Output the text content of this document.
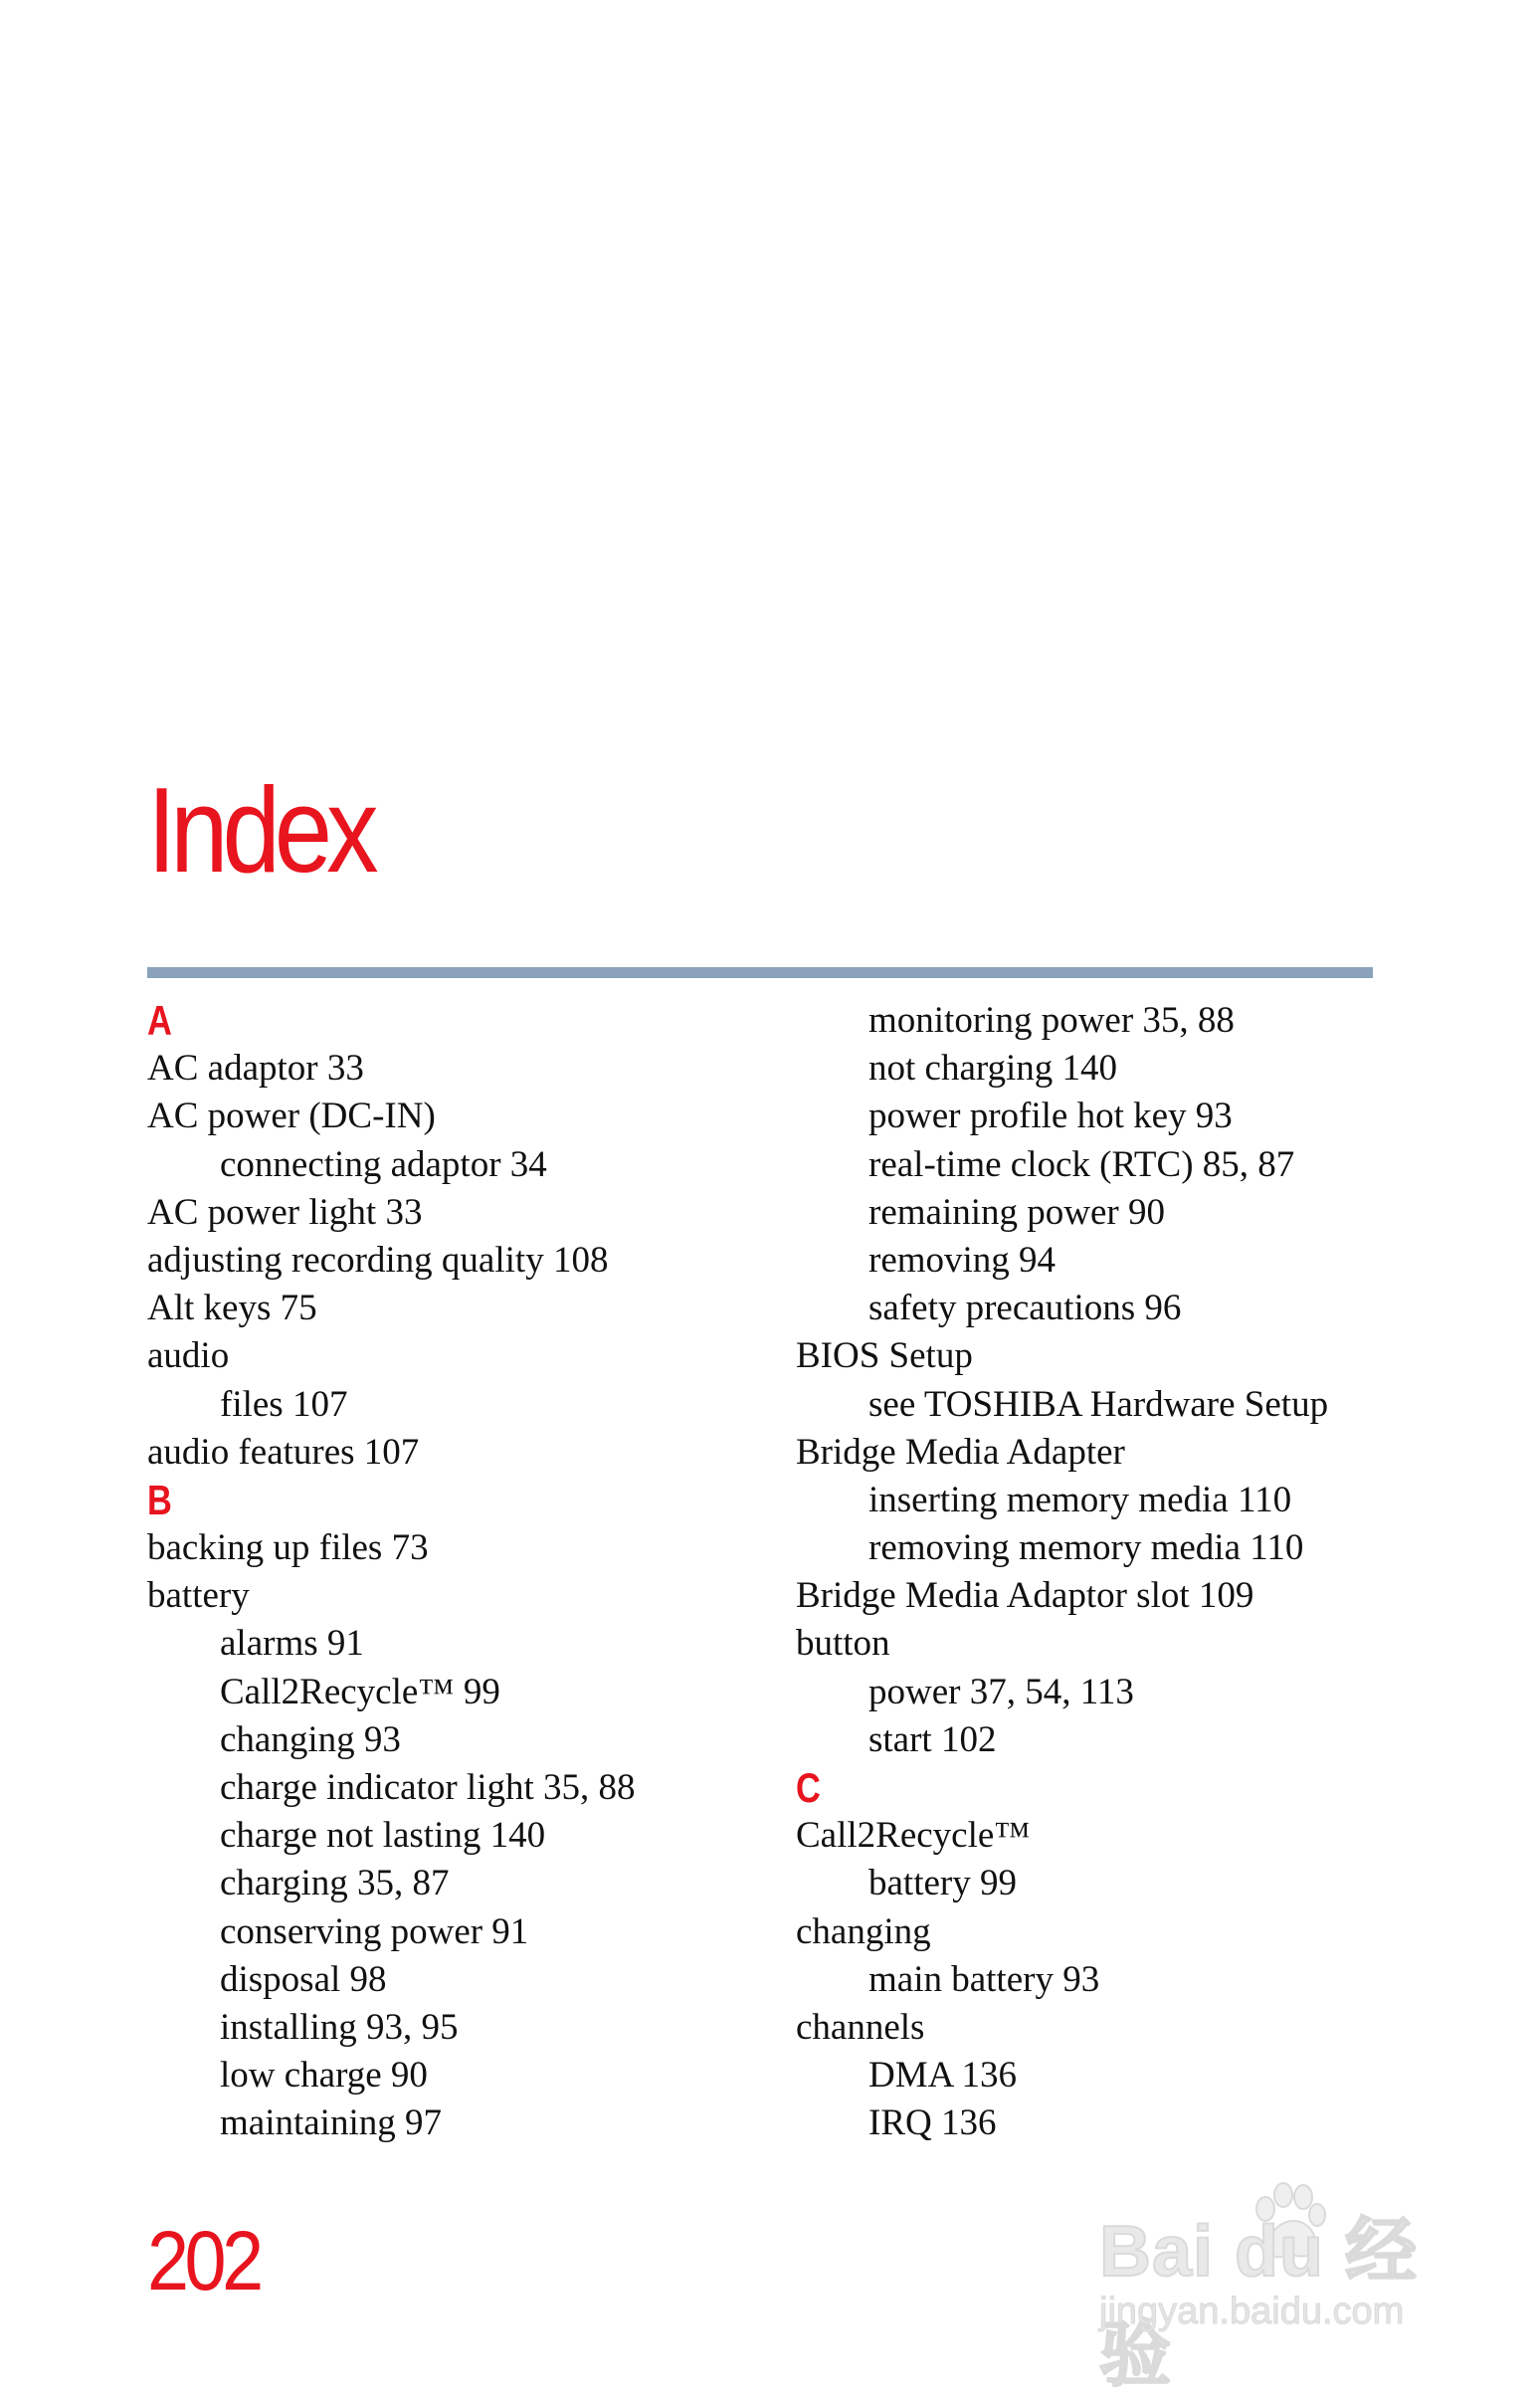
Index
A
AC adaptor 33
AC power (DC-IN)
connecting adaptor 34
AC power light 33
adjusting recording quality 108
Alt keys 75
audio
files 107
audio features 107
B
backing up files 73
battery
alarms 91
Call2Recycle™ 99
changing 93
charge indicator light 35, 88
charge not lasting 140
charging 35, 87
conserving power 91
disposal 98
installing 93, 95
low charge 90
maintaining 97
monitoring power 35, 88
not charging 140
power profile hot key 93
real-time clock (RTC) 85, 87
remaining power 90
removing 94
safety precautions 96
BIOS Setup
see TOSHIBA Hardware Setup
Bridge Media Adapter
inserting memory media 110
removing memory media 110
Bridge Media Adaptor slot 109
button
power 37, 54, 113
start 102
C
Call2Recycle™
battery 99
changing
main battery 93
channels
DMA 136
IRQ 136
202	Bai du 经验
jingyan.baidu.com
